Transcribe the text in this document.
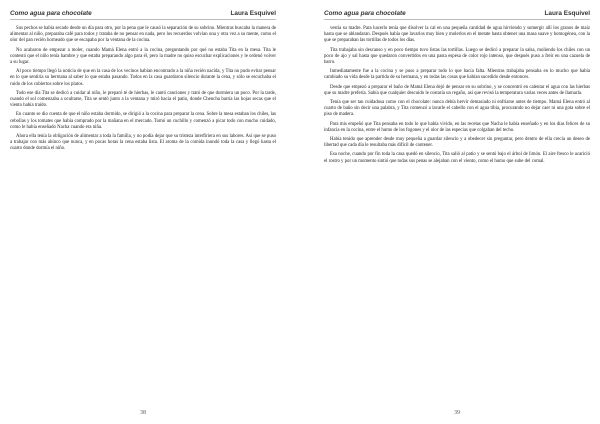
Como agua para chocolate	Laura Esquivel

Sus pechos se había secado desde un día para otro, por la pena que le causó la separación de su sobrino. Mientras buscaba la manera de alimentar al niño, preparaba café para todos y trataba de no pensar en nada, pero los recuerdos volvían una y otra vez a su mente, como el olor del pan recién horneado que se escapaba por la ventana de la cocina.

No acabaron de empezar a moler, cuando Mamá Elena entró a la cocina, preguntando por qué no estaba Tita en la mesa. Tita le contestó que el niño tenía hambre y que estaba preparando algo para él, pero la madre no quiso escuchar explicaciones y le ordenó volver a su lugar.

Al poco tiempo llegó la noticia de que en la casa de los vecinos habían encontrado a la niña recién nacida, y Tita no pudo evitar pensar en lo que sentiría su hermana al saber lo que estaba pasando. Todos en la casa guardaron silencio durante la cena, y sólo se escuchaba el ruido de los cubiertos sobre los platos.

Todo ese día Tita se dedicó a cuidar al niño, le preparó té de hierbas, le cantó canciones y trató de que durmiera un poco. Por la tarde, cuando el sol comenzaba a ocultarse, Tita se sentó junto a la ventana y miró hacia el patio, donde Chencha barría las hojas secas que el viento había traído.

En cuanto se dio cuenta de que el niño estaba dormido, se dirigió a la cocina para preparar la cena. Sobre la mesa estaban los chiles, las cebollas y los tomates que había comprado por la mañana en el mercado. Tomó un cuchillo y comenzó a picar todo con mucho cuidado, como le había enseñado Nacha cuando era niña.

Ahora ella tenía la obligación de alimentar a toda la familia, y no podía dejar que su tristeza interfiriera en sus labores. Así que se puso a trabajar con más ahínco que nunca, y en pocas horas la cena estaba lista. El aroma de la comida inundó toda la casa y llegó hasta el cuarto donde dormía el niño.

38
Como agua para chocolate	Laura Esquivel

vestía su madre. Para hacerlo tenía que disolver la cal en una pequeña cantidad de agua hirviendo y sumergir allí los granos de maíz hasta que se ablandaran. Después había que lavarlos muy bien y molerlos en el metate hasta obtener una masa suave y homogénea, con la que se preparaban las tortillas de todos los días.

Tita trabajaba sin descanso y en poco tiempo tuvo listas las tortillas. Luego se dedicó a preparar la salsa, moliendo los chiles con un poco de ajo y sal hasta que quedaron convertidos en una pasta espesa de color rojo intenso, que después puso a freír en una cazuela de barro.

Inmediatamente fue a la cocina y se puso a preparar todo lo que hacía falta. Mientras trabajaba pensaba en lo mucho que había cambiado su vida desde la partida de su hermana, y en todas las cosas que habían sucedido desde entonces.

Desde que empezó a preparar el baño de Mamá Elena dejó de pensar en su sobrino, y se concentró en calentar el agua con las hierbas que su madre prefería. Sabía que cualquier descuido le costaría un regaño, así que revisó la temperatura varias veces antes de llamarla.

Tenía que ser tan cuidadosa como con el chocolate: nunca debía hervir demasiado ni enfriarse antes de tiempo. Mamá Elena entró al cuarto de baño sin decir una palabra, y Tita comenzó a lavarle el cabello con el agua tibia, procurando no dejar caer ni una gota sobre el piso de madera.

Para mis empeñó que Tita pensaba en todo lo que había vivido, en las recetas que Nacha le había enseñado y en los días felices de su infancia en la cocina, entre el humo de los fogones y el olor de las especias que colgaban del techo.

Había tenido que aprender desde muy pequeña a guardar silencio y a obedecer sin preguntar, pero dentro de ella crecía un deseo de libertad que cada día le resultaba más difícil de contener.

Esa noche, cuando por fin toda la casa quedó en silencio, Tita salió al patio y se sentó bajo el árbol de limón. El aire fresco le acarició el rostro y por un momento sintió que todas sus penas se alejaban con el viento, como el humo que sube del comal.

39
